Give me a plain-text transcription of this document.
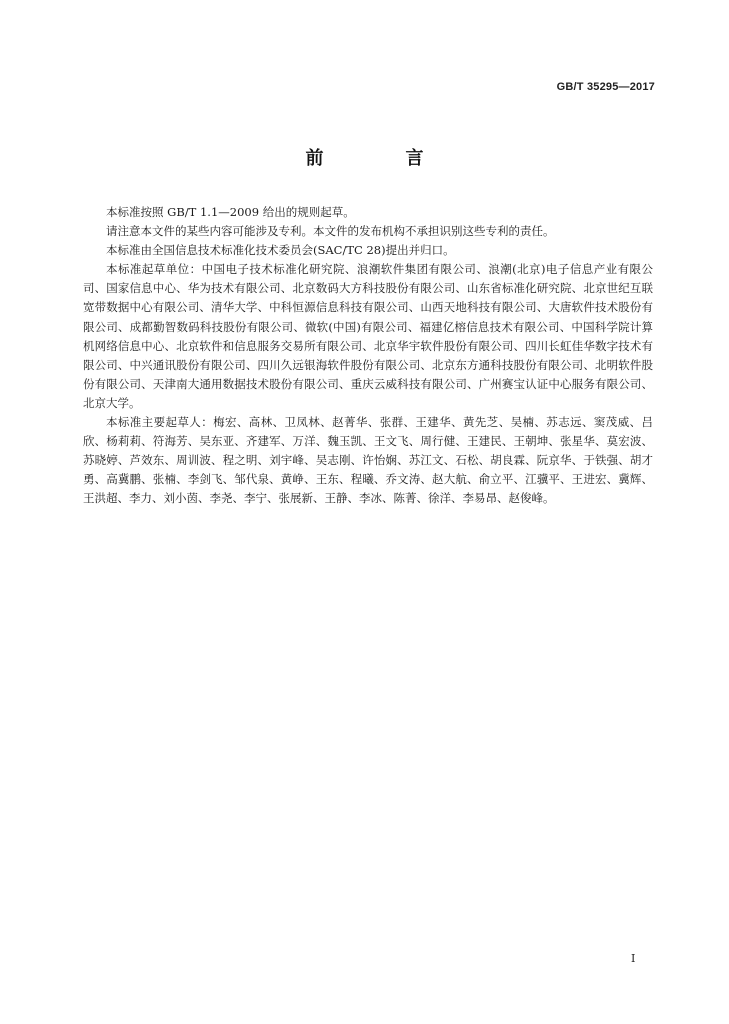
GB/T 35295—2017
前　言

本标准按照 GB/T 1.1—2009 给出的规则起草。

请注意本文件的某些内容可能涉及专利。本文件的发布机构不承担识别这些专利的责任。

本标准由全国信息技术标准化技术委员会(SAC/TC 28)提出并归口。

本标准起草单位：中国电子技术标准化研究院、浪潮软件集团有限公司、浪潮(北京)电子信息产业有限公司、国家信息中心、华为技术有限公司、北京数码大方科技股份有限公司、山东省标准化研究院、北京世纪互联宽带数据中心有限公司、清华大学、中科恒源信息科技有限公司、山西天地科技有限公司、大唐软件技术股份有限公司、成都勤智数码科技股份有限公司、微软(中国)有限公司、福建亿榕信息技术有限公司、中国科学院计算机网络信息中心、北京软件和信息服务交易所有限公司、北京华宇软件股份有限公司、四川长虹佳华数字技术有限公司、中兴通讯股份有限公司、四川久远银海软件股份有限公司、北京东方通科技股份有限公司、北明软件股份有限公司、天津南大通用数据技术股份有限公司、重庆云威科技有限公司、广州赛宝认证中心服务有限公司、北京大学。

本标准主要起草人：梅宏、高林、卫凤林、赵菁华、张群、王建华、黄先芝、吴楠、苏志远、窦茂威、吕欣、杨莉莉、符海芳、吴东亚、齐建军、万洋、魏玉凯、王文飞、周行健、王建民、王朝坤、张星华、莫宏波、苏晓婷、芦效东、周训波、程之明、刘宇峰、吴志刚、许怡娴、苏江文、石松、胡良霖、阮京华、于铁强、胡才勇、高冀鹏、张楠、李剑飞、邹代泉、黄峥、王东、程曦、乔文涛、赵大航、俞立平、江骥平、王进宏、冀辉、王洪超、李力、刘小茵、李尧、李宁、张展新、王静、李冰、陈菁、徐洋、李易昂、赵俊峰。

I
